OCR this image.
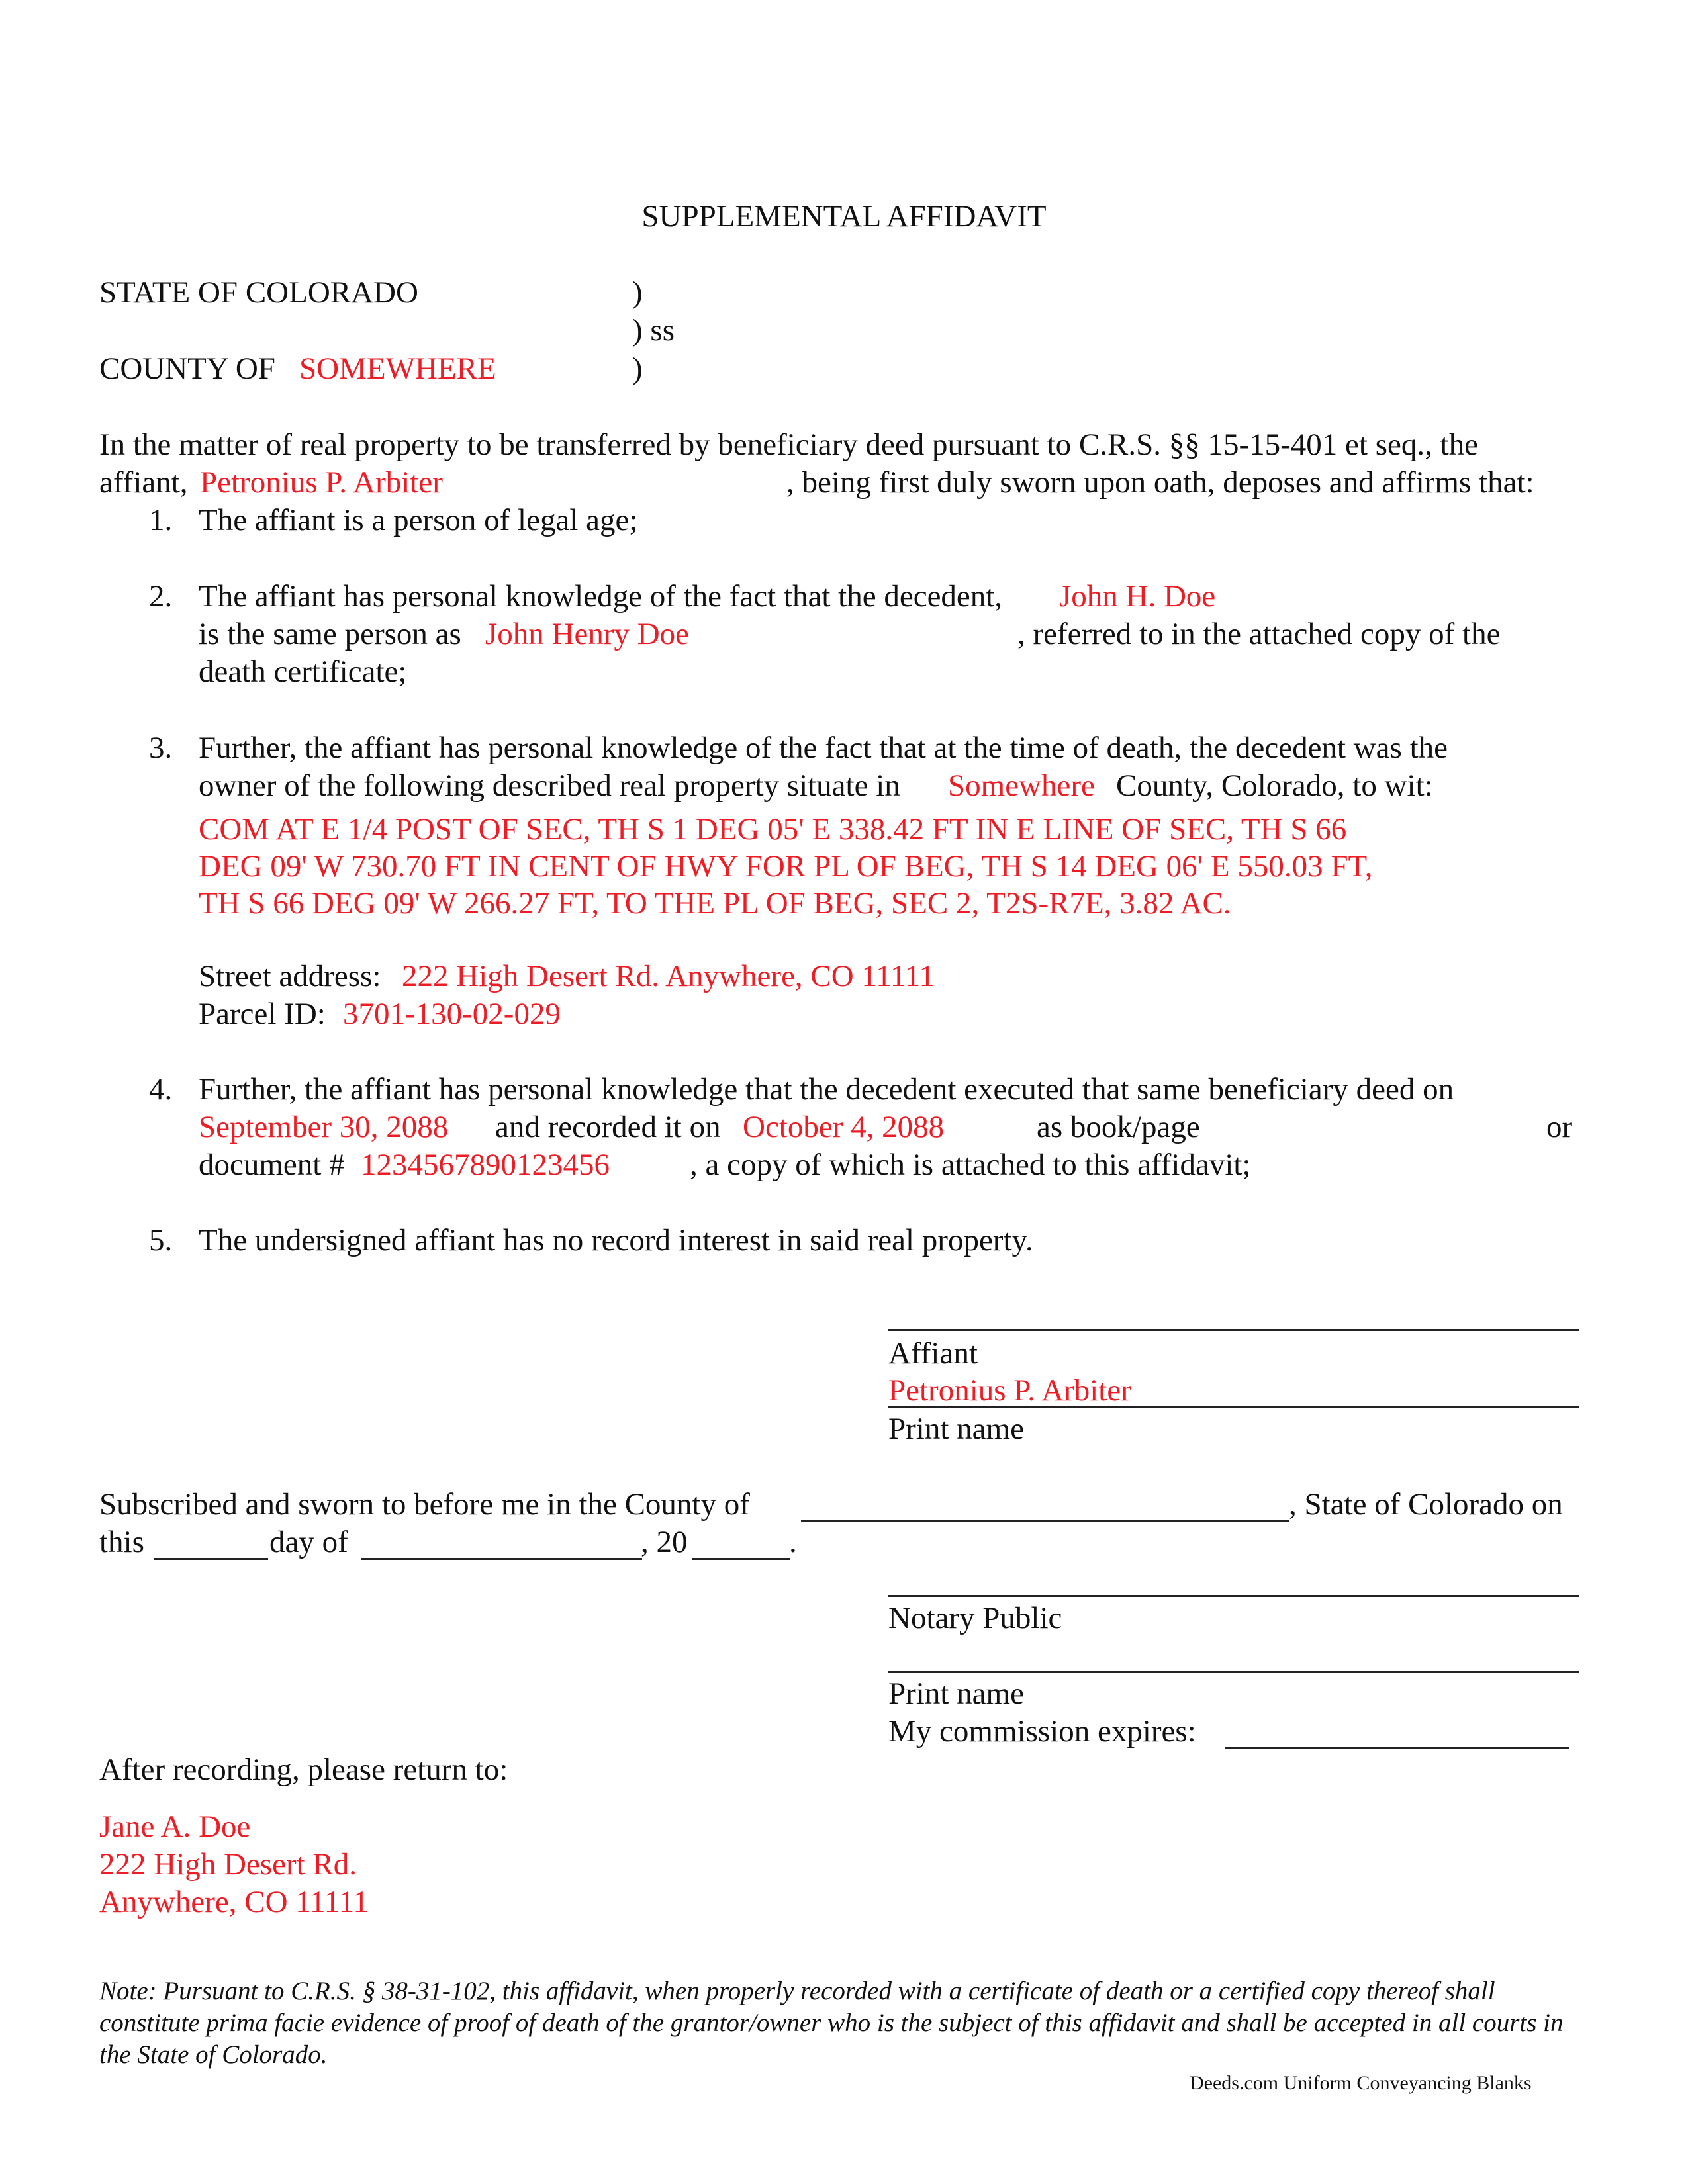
SUPPLEMENTAL AFFIDAVIT
STATE OF COLORADO	)
) ss
COUNTY OF SOMEWHERE	)
In the matter of real property to be transferred by beneficiary deed pursuant to C.R.S. §§ 15-15-401 et seq., the
affiant, Petronius P. Arbiter	, being first duly sworn upon oath, deposes and affirms that:
1. The affiant is a person of legal age;
2. The affiant has personal knowledge of the fact that the decedent, John H. Doe
is the same person as John Henry Doe	, referred to in the attached copy of the
death certificate;
3. Further, the affiant has personal knowledge of the fact that at the time of death, the decedent was the
owner of the following described real property situate in Somewhere County, Colorado, to wit:
COM AT E 1/4 POST OF SEC, TH S 1 DEG 05' E 338.42 FT IN E LINE OF SEC, TH S 66
DEG 09' W 730.70 FT IN CENT OF HWY FOR PL OF BEG, TH S 14 DEG 06' E 550.03 FT,
TH S 66 DEG 09' W 266.27 FT, TO THE PL OF BEG, SEC 2, T2S-R7E, 3.82 AC.
Street address: 222 High Desert Rd. Anywhere, CO 11111
Parcel ID: 3701-130-02-029
4. Further, the affiant has personal knowledge that the decedent executed that same beneficiary deed on
September 30, 2088 and recorded it on October 4, 2088	as book/page	or
document # 1234567890123456	, a copy of which is attached to this affidavit;
5. The undersigned affiant has no record interest in said real property.
Affiant
Petronius P. Arbiter
Print name
Subscribed and sworn to before me in the County of	, State of Colorado on
this	day of	, 20	.
Notary Public
Print name
My commission expires:
After recording, please return to:
Jane A. Doe
222 High Desert Rd.
Anywhere, CO 11111
Note: Pursuant to C.R.S. § 38-31-102, this affidavit, when properly recorded with a certificate of death or a certified copy thereof shall constitute prima facie evidence of proof of death of the grantor/owner who is the subject of this affidavit and shall be accepted in all courts in the State of Colorado.
Deeds.com Uniform Conveyancing Blanks
